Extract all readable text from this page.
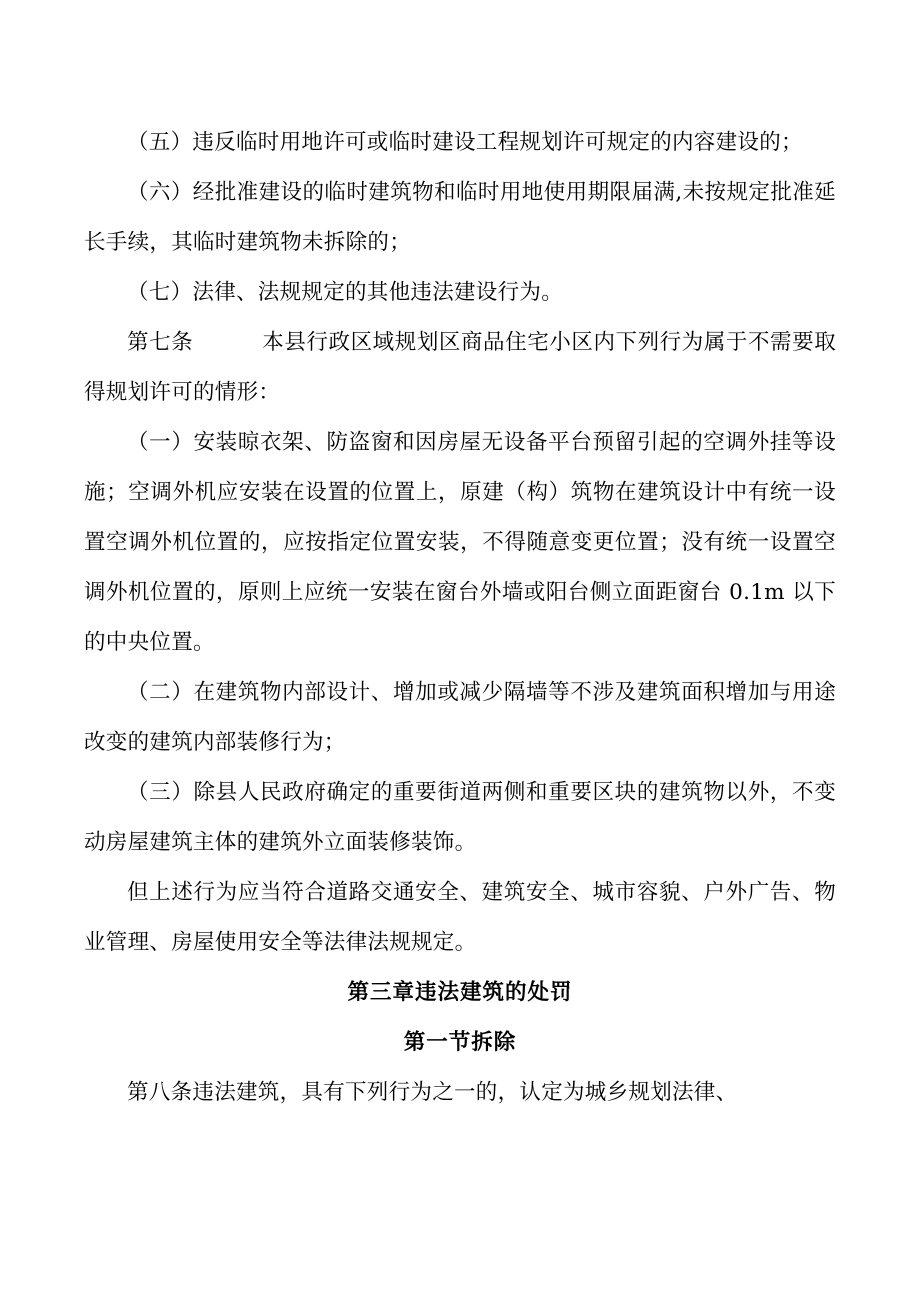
（五）违反临时用地许可或临时建设工程规划许可规定的内容建设的；

（六）经批准建设的临时建筑物和临时用地使用期限届满,未按规定批准延长手续，其临时建筑物未拆除的；

（七）法律、法规规定的其他违法建设行为。

第七条	本县行政区域规划区商品住宅小区内下列行为属于不需要取得规划许可的情形：

（一）安装晾衣架、防盗窗和因房屋无设备平台预留引起的空调外挂等设施；空调外机应安装在设置的位置上，原建（构）筑物在建筑设计中有统一设置空调外机位置的，应按指定位置安装，不得随意变更位置；没有统一设置空调外机位置的，原则上应统一安装在窗台外墙或阳台侧立面距窗台 0.1m 以下的中央位置。

（二）在建筑物内部设计、增加或减少隔墙等不涉及建筑面积增加与用途改变的建筑内部装修行为；

（三）除县人民政府确定的重要街道两侧和重要区块的建筑物以外，不变动房屋建筑主体的建筑外立面装修装饰。

但上述行为应当符合道路交通安全、建筑安全、城市容貌、户外广告、物业管理、房屋使用安全等法律法规规定。

第三章违法建筑的处罚

第一节拆除

第八条违法建筑，具有下列行为之一的，认定为城乡规划法律、
